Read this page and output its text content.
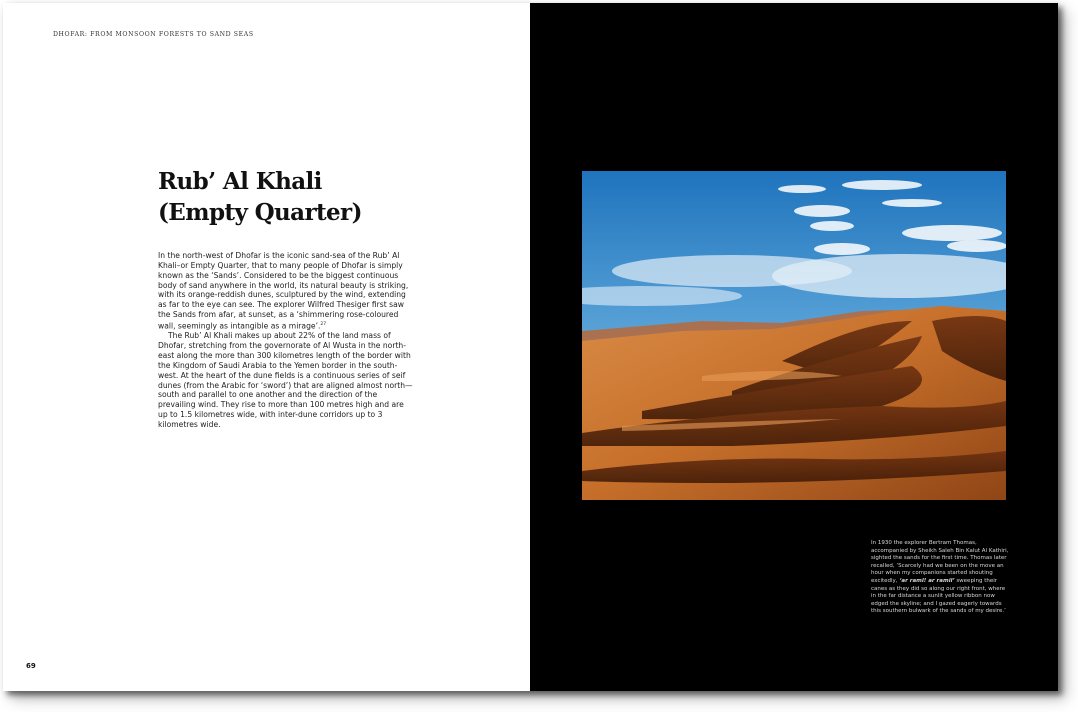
DHOFAR: FROM MONSOON FORESTS TO SAND SEAS
Rub’ Al Khali
(Empty Quarter)

In the north-west of Dhofar is the iconic sand-sea of the Rub’ Al Khali–or Empty Quarter, that to many people of Dhofar is simply known as the ‘Sands’. Considered to be the biggest continuous body of sand anywhere in the world, its natural beauty is striking, with its orange-reddish dunes, sculptured by the wind, extending as far to the eye can see. The explorer Wilfred Thesiger first saw the Sands from afar, at sunset, as a ‘shimmering rose-coloured wall, seemingly as intangible as a mirage’.$^{27}$

The Rub’ Al Khali makes up about 22% of the land mass of Dhofar, stretching from the governorate of Al Wusta in the north-east along the more than 300 kilometres length of the border with the Kingdom of Saudi Arabia to the Yemen border in the south-west. At the heart of the dune fields is a continuous series of seif dunes (from the Arabic for ‘sword’) that are aligned almost north—south and parallel to one another and the direction of the prevailing wind. They rise to more than 100 metres high and are up to 1.5 kilometres wide, with inter-dune corridors up to 3 kilometres wide.

69
In 1930 the explorer Bertram Thomas, accompanied by Sheikh Saleh Bin Kalut Al Kathiri, sighted the sands for the first time. Thomas later recalled, ‘Scarcely had we been on the move an hour when my companions started shouting excitedly, ‘ar raml! ar ramil’ sweeping their canes as they did so along our right front, where in the far distance a sunlit yellow ribbon now edged the skyline; and I gazed eagerly towards this southern bulwark of the sands of my desire.’
